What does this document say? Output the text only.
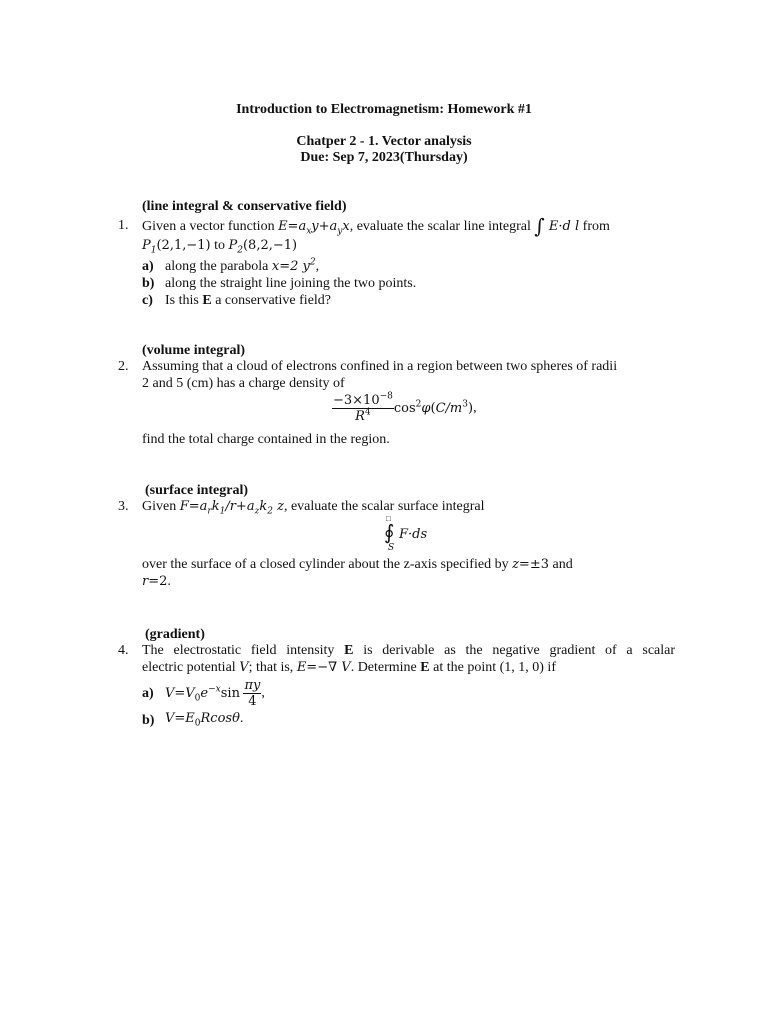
Introduction to Electromagnetism: Homework #1
Chatper 2 - 1. Vector analysis
Due: Sep 7, 2023(Thursday)
(line integral & conservative field)
1. Given a vector function $E=a_xy+a_yx$, evaluate the scalar line integral ∫ E·d l from
$P_1(2,1,-1)$ to $P_2(8,2,-1)$
a) along the parabola x=2 $y^2$,
b) along the straight line joining the two points.
c) Is this E a conservative field?
(volume integral)
2. Assuming that a cloud of electrons confined in a region between two spheres of radii
2 and 5 (cm) has a charge density of
$\frac{-3\times 10^{-8}}{R^4} \cos^2\varphi(C/m^3)$,
find the total charge contained in the region.
(surface integral)
3. Given $F=a_rk_1/r+a_zk_2$ z, evaluate the scalar surface integral
□
∮ F·ds
S
over the surface of a closed cylinder about the z-axis specified by z=±3 and
r=2.
(gradient)
4. The electrostatic field intensity E is derivable as the negative gradient of a scalar
electric potential V; that is, E=−∇ V. Determine E at the point (1, 1, 0) if
a) $V=V_0e^{-x}\sin \frac{\pi y}{4}$ ,
b) $V=E_0Rcos\theta$.
